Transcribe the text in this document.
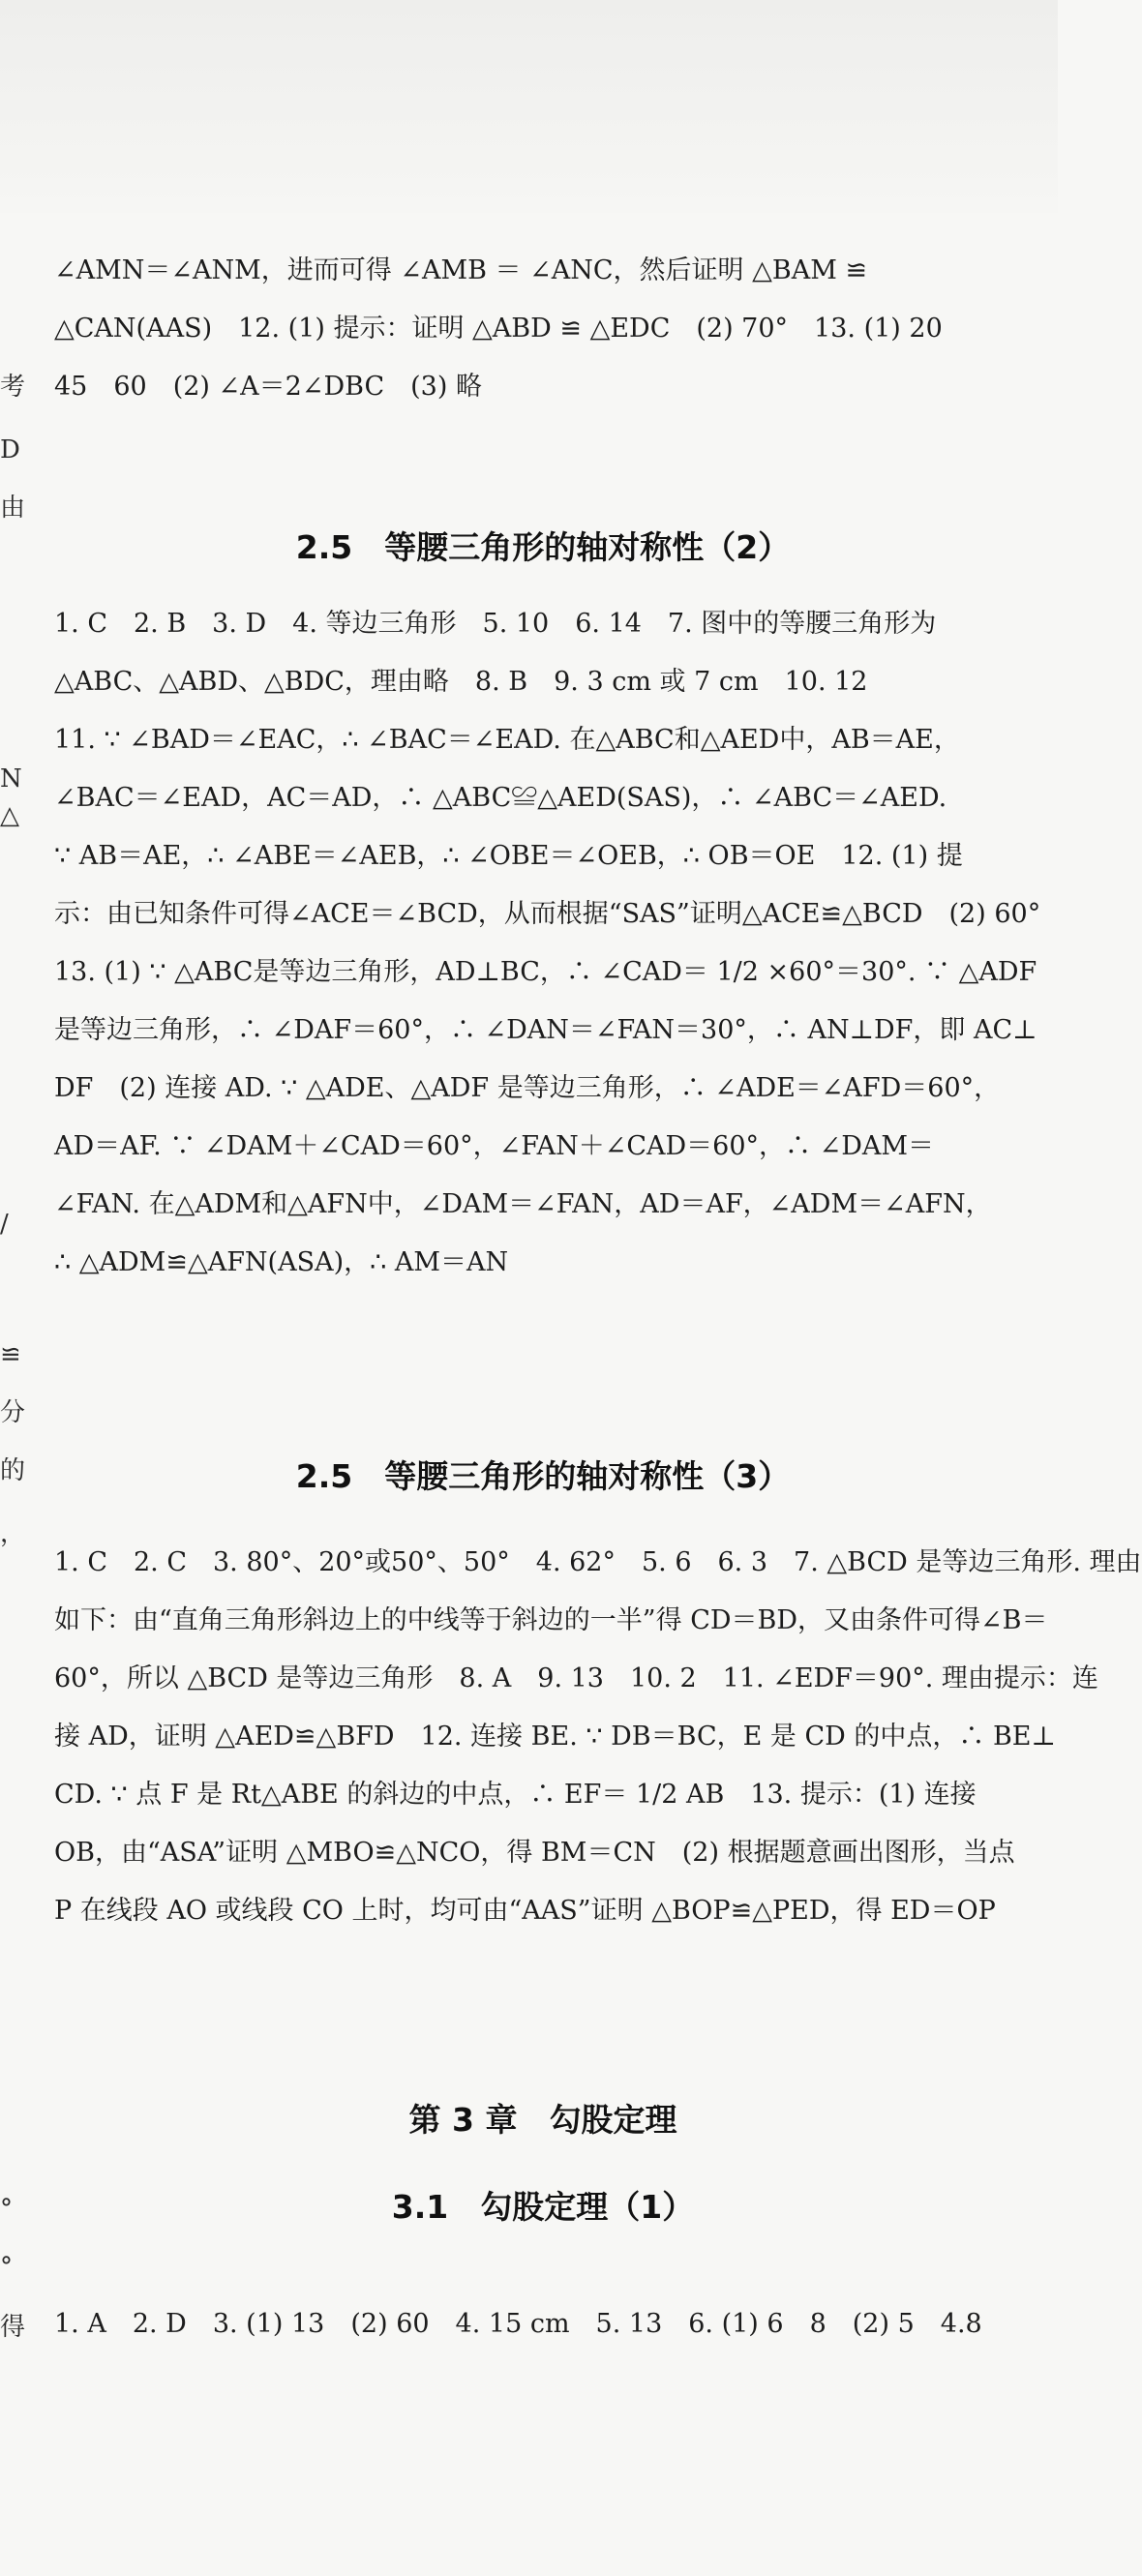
考
D
由
N
△
/
≌
分
的
，
°
°
得
∠AMN＝∠ANM，进而可得 ∠AMB ＝ ∠ANC，然后证明 △BAM ≌
△CAN(AAS)　12. (1) 提示：证明 △ABD ≌ △EDC　(2) 70°　13. (1) 20
45　60　(2) ∠A＝2∠DBC　(3) 略
2.5　等腰三角形的轴对称性（2）
1. C　2. B　3. D　4. 等边三角形　5. 10　6. 14　7. 图中的等腰三角形为
△ABC、△ABD、△BDC，理由略　8. B　9. 3 cm 或 7 cm　10. 12
11. ∵ ∠BAD＝∠EAC，∴ ∠BAC＝∠EAD. 在△ABC和△AED中，AB＝AE，
∠BAC＝∠EAD，AC＝AD，∴ △ABC≌△AED(SAS)，∴ ∠ABC＝∠AED.
∵ AB＝AE，∴ ∠ABE＝∠AEB，∴ ∠OBE＝∠OEB，∴ OB＝OE　12. (1) 提
示：由已知条件可得∠ACE＝∠BCD，从而根据“SAS”证明△ACE≌△BCD　(2) 60°
13. (1) ∵ △ABC是等边三角形，AD⊥BC，∴ ∠CAD＝ 1/2 ×60°＝30°. ∵ △ADF
是等边三角形，∴ ∠DAF＝60°，∴ ∠DAN＝∠FAN＝30°，∴ AN⊥DF，即 AC⊥
DF　(2) 连接 AD. ∵ △ADE、△ADF 是等边三角形，∴ ∠ADE＝∠AFD＝60°，
AD＝AF. ∵ ∠DAM＋∠CAD＝60°，∠FAN＋∠CAD＝60°，∴ ∠DAM＝
∠FAN. 在△ADM和△AFN中，∠DAM＝∠FAN，AD＝AF，∠ADM＝∠AFN，
∴ △ADM≌△AFN(ASA)，∴ AM＝AN
2.5　等腰三角形的轴对称性（3）
1. C　2. C　3. 80°、20°或50°、50°　4. 62°　5. 6　6. 3　7. △BCD 是等边三角形. 理由
如下：由“直角三角形斜边上的中线等于斜边的一半”得 CD＝BD，又由条件可得∠B＝
60°，所以 △BCD 是等边三角形　8. A　9. 13　10. 2　11. ∠EDF＝90°. 理由提示：连
接 AD，证明 △AED≌△BFD　12. 连接 BE. ∵ DB＝BC，E 是 CD 的中点，∴ BE⊥
CD. ∵ 点 F 是 Rt△ABE 的斜边的中点，∴ EF＝ 1/2 AB　13. 提示：(1) 连接
OB，由“ASA”证明 △MBO≌△NCO，得 BM＝CN　(2) 根据题意画出图形，当点
P 在线段 AO 或线段 CO 上时，均可由“AAS”证明 △BOP≌△PED，得 ED＝OP
第 3 章　勾股定理
3.1　勾股定理（1）
1. A　2. D　3. (1) 13　(2) 60　4. 15 cm　5. 13　6. (1) 6　8　(2) 5　4.8
